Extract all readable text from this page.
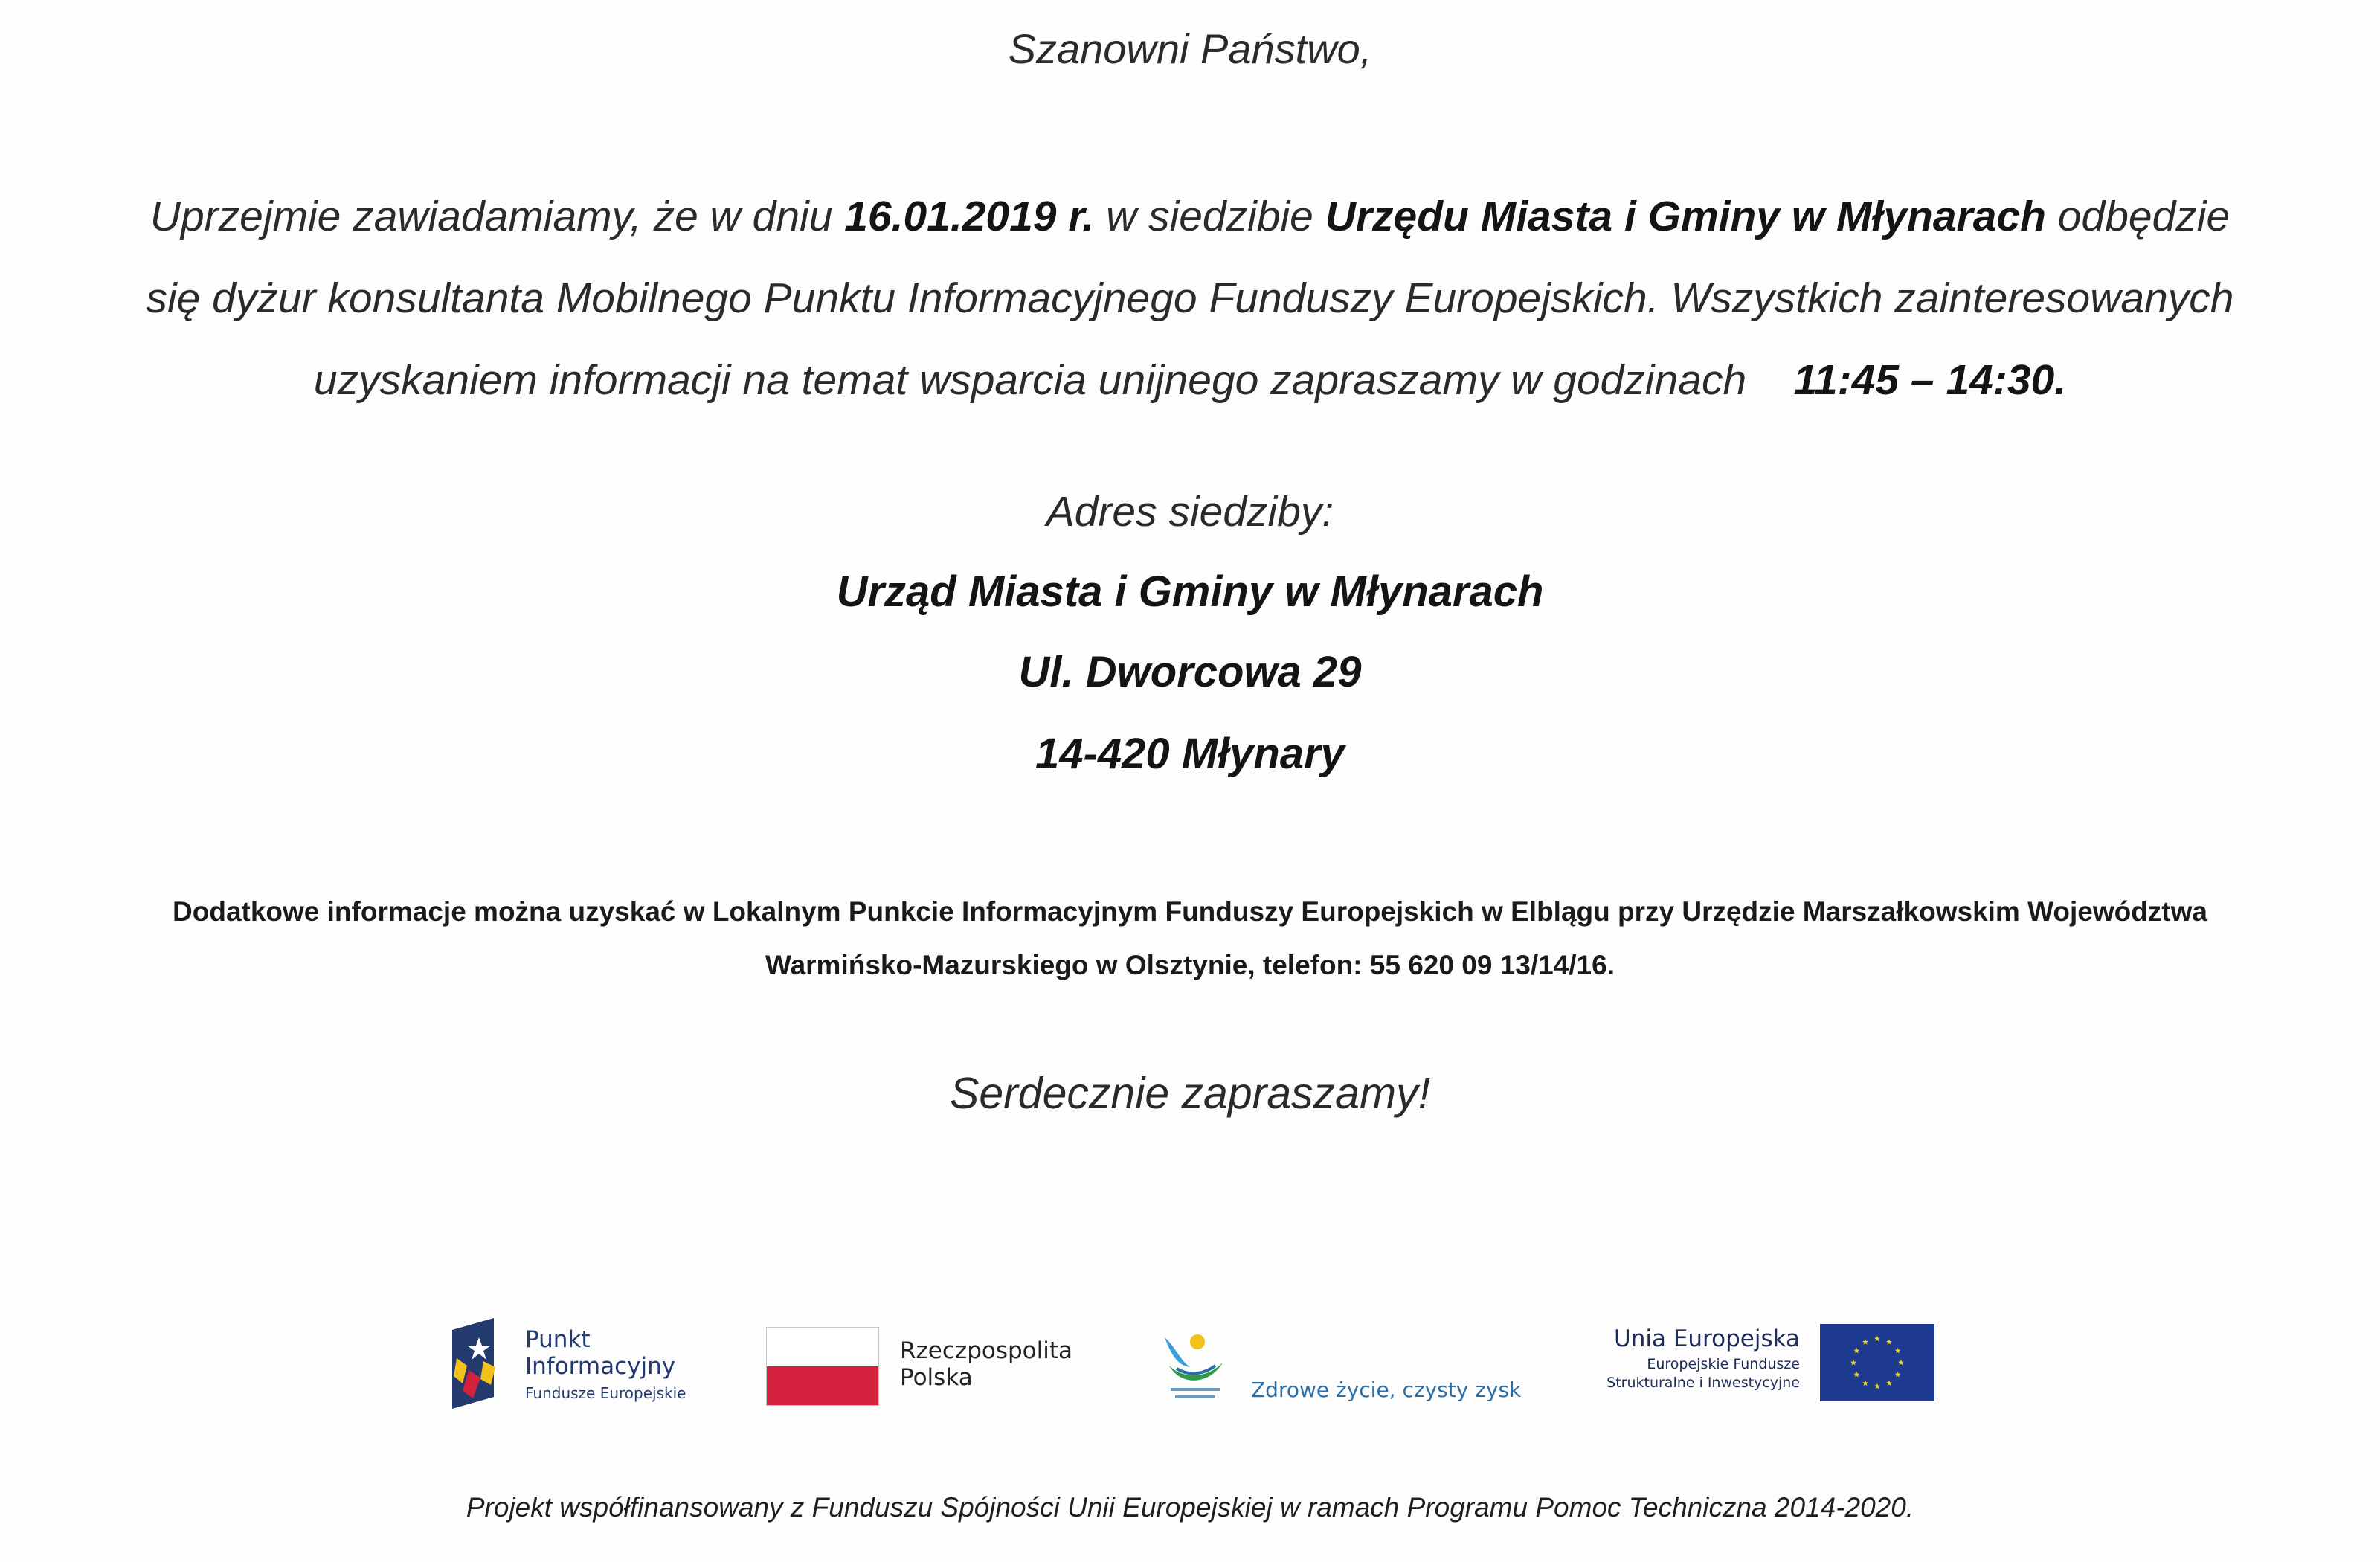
Szanowni Państwo,
Uprzejmie zawiadamiamy, że w dniu 16.01.2019 r. w siedzibie Urzędu Miasta i Gminy w Młynarach odbędzie
się dyżur konsultanta Mobilnego Punktu Informacyjnego Funduszy Europejskich. Wszystkich zainteresowanych
uzyskaniem informacji na temat wsparcia unijnego zapraszamy w godzinach 11:45 – 14:30.
Adres siedziby:
Urząd Miasta i Gminy w Młynarach
Ul. Dworcowa 29
14-420 Młynary
Dodatkowe informacje można uzyskać w Lokalnym Punkcie Informacyjnym Funduszy Europejskich w Elblągu przy Urzędzie Marszałkowskim Województwa
Warmińsko-Mazurskiego w Olsztynie, telefon: 55 620 09 13/14/16.
Serdecznie zapraszamy!
Punkt
Informacyjny
Fundusze Europejskie
Rzeczpospolita
Polska	Zdrowe życie, czysty zysk
Unia Europejska
Europejskie Fundusze
Strukturalne i Inwestycyjne
Projekt współfinansowany z Funduszu Spójności Unii Europejskiej w ramach Programu Pomoc Techniczna 2014-2020.
